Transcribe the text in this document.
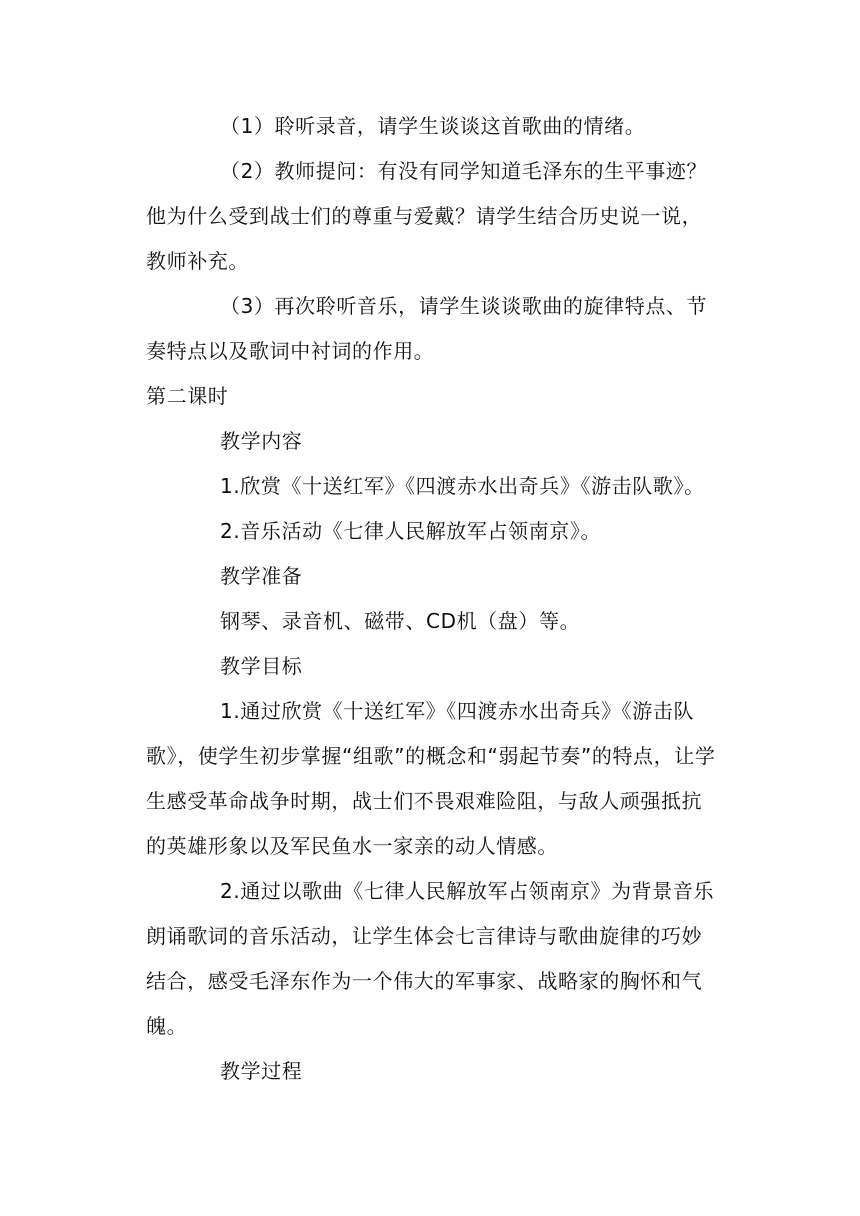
（1）聆听录音，请学生谈谈这首歌曲的情绪。

（2）教师提问：有没有同学知道毛泽东的生平事迹？他为什么受到战士们的尊重与爱戴？请学生结合历史说一说，教师补充。

（3）再次聆听音乐，请学生谈谈歌曲的旋律特点、节奏特点以及歌词中衬词的作用。

第二课时

教学内容

1.欣赏《十送红军》《四渡赤水出奇兵》《游击队歌》。

2.音乐活动《七律人民解放军占领南京》。

教学准备

钢琴、录音机、磁带、CD机（盘）等。

教学目标

1.通过欣赏《十送红军》《四渡赤水出奇兵》《游击队歌》，使学生初步掌握“组歌”的概念和“弱起节奏”的特点，让学生感受革命战争时期，战士们不畏艰难险阻，与敌人顽强抵抗的英雄形象以及军民鱼水一家亲的动人情感。

2.通过以歌曲《七律人民解放军占领南京》为背景音乐朗诵歌词的音乐活动，让学生体会七言律诗与歌曲旋律的巧妙结合，感受毛泽东作为一个伟大的军事家、战略家的胸怀和气魄。

教学过程
